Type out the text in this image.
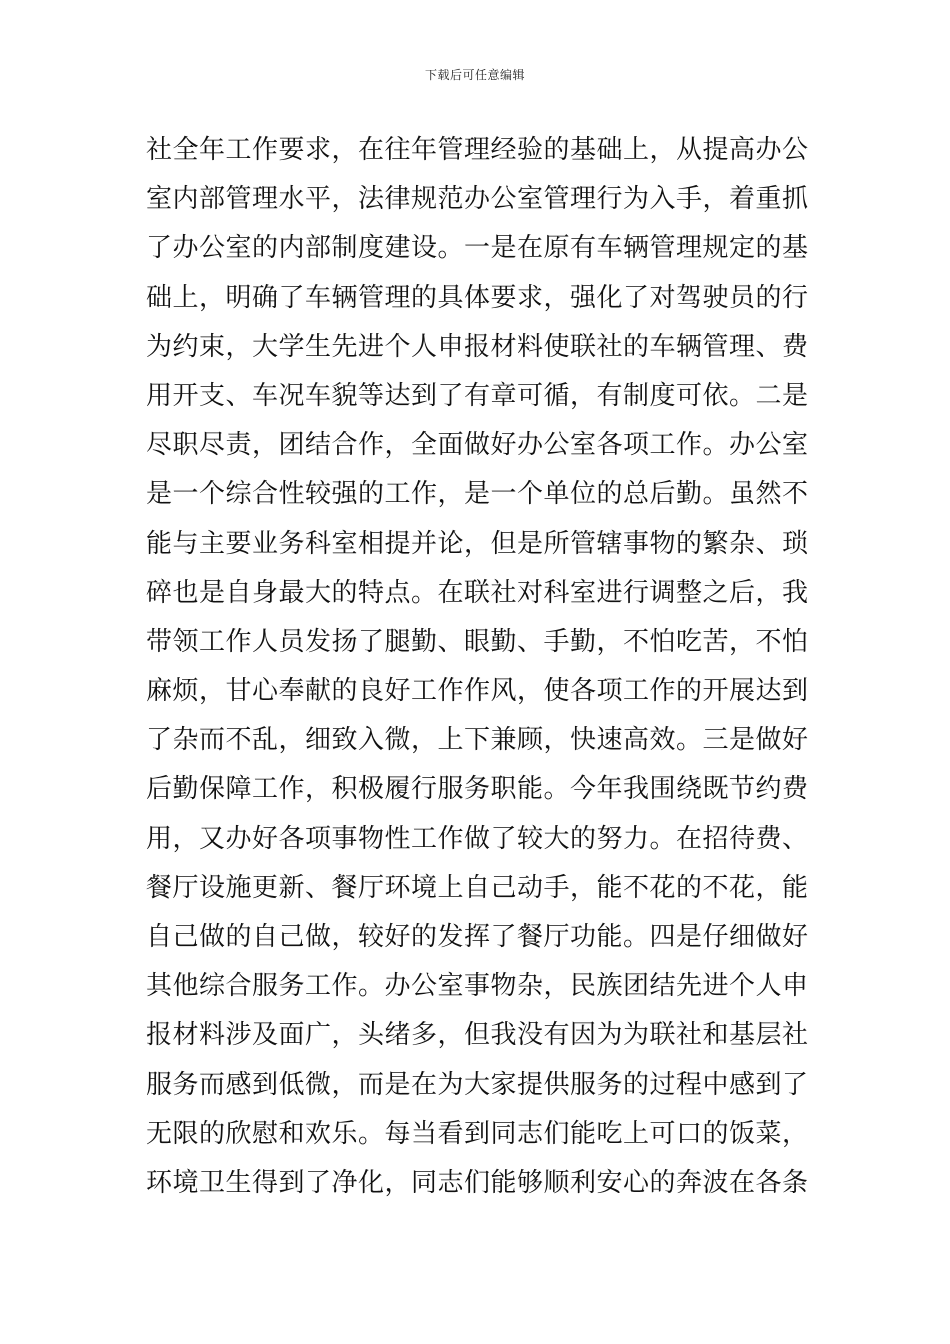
下载后可任意编辑
社全年工作要求，在往年管理经验的基础上，从提高办公
室内部管理水平，法律规范办公室管理行为入手，着重抓
了办公室的内部制度建设。一是在原有车辆管理规定的基
础上，明确了车辆管理的具体要求，强化了对驾驶员的行
为约束，大学生先进个人申报材料使联社的车辆管理、费
用开支、车况车貌等达到了有章可循，有制度可依。二是
尽职尽责，团结合作，全面做好办公室各项工作。办公室
是一个综合性较强的工作，是一个单位的总后勤。虽然不
能与主要业务科室相提并论，但是所管辖事物的繁杂、琐
碎也是自身最大的特点。在联社对科室进行调整之后，我
带领工作人员发扬了腿勤、眼勤、手勤，不怕吃苦，不怕
麻烦，甘心奉献的良好工作作风，使各项工作的开展达到
了杂而不乱，细致入微，上下兼顾，快速高效。三是做好
后勤保障工作，积极履行服务职能。今年我围绕既节约费
用，又办好各项事物性工作做了较大的努力。在招待费、
餐厅设施更新、餐厅环境上自己动手，能不花的不花，能
自己做的自己做，较好的发挥了餐厅功能。四是仔细做好
其他综合服务工作。办公室事物杂，民族团结先进个人申
报材料涉及面广，头绪多，但我没有因为为联社和基层社
服务而感到低微，而是在为大家提供服务的过程中感到了
无限的欣慰和欢乐。每当看到同志们能吃上可口的饭菜，
环境卫生得到了净化，同志们能够顺利安心的奔波在各条
